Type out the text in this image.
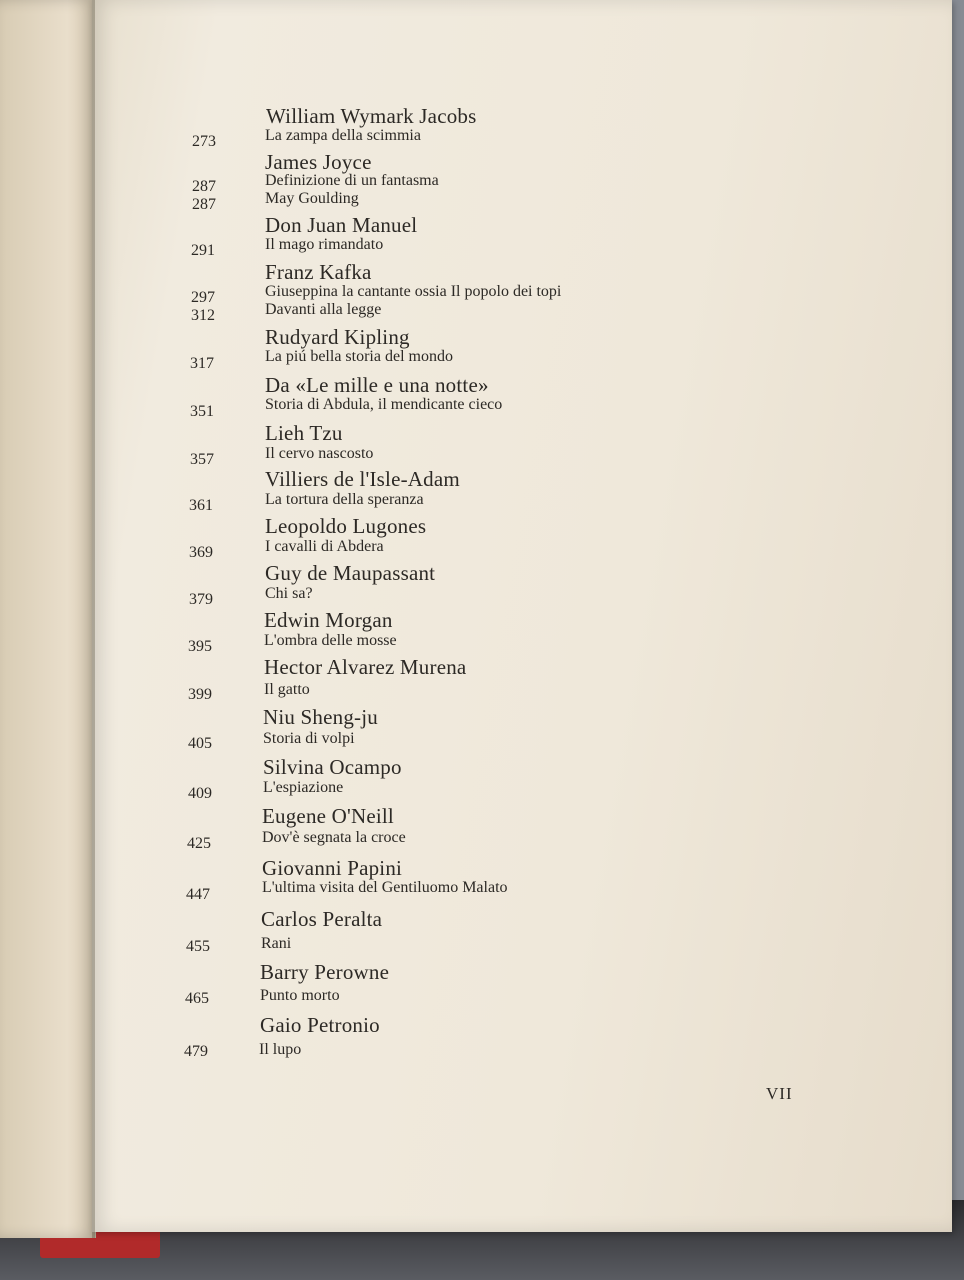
William Wymark Jacobs
273	La zampa della scimmia
James Joyce
287	Definizione di un fantasma
287	May Goulding
Don Juan Manuel
291	Il mago rimandato
Franz Kafka
297	Giuseppina la cantante ossia Il popolo dei topi
312	Davanti alla legge
Rudyard Kipling
317	La piú bella storia del mondo
Da «Le mille e una notte»
351	Storia di Abdula, il mendicante cieco
Lieh Tzu
357	Il cervo nascosto
Villiers de l'Isle-Adam
361	La tortura della speranza
Leopoldo Lugones
369	I cavalli di Abdera
Guy de Maupassant
379	Chi sa?
Edwin Morgan
395	L'ombra delle mosse
Hector Alvarez Murena
399	Il gatto
Niu Sheng-ju
405	Storia di volpi
Silvina Ocampo
409	L'espiazione
Eugene O'Neill
425	Dov'è segnata la croce
Giovanni Papini
447	L'ultima visita del Gentiluomo Malato
Carlos Peralta
455	Rani
Barry Perowne
465	Punto morto
Gaio Petronio
479	Il lupo
VII
